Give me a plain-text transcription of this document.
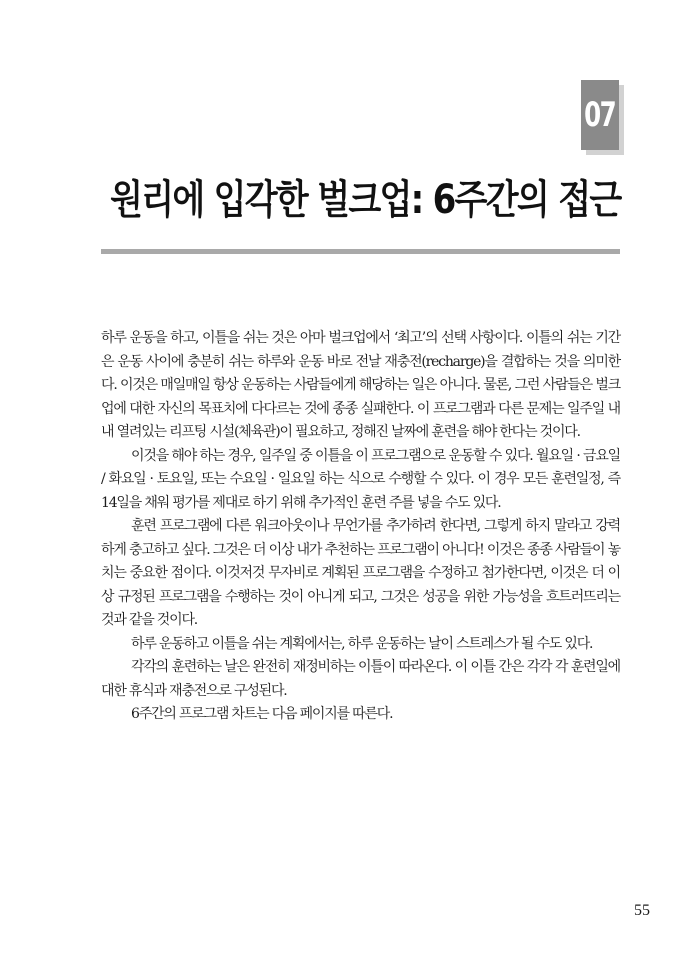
07
원리에 입각한 벌크업: 6주간의 접근

하루 운동을 하고, 이틀을 쉬는 것은 아마 벌크업에서 ‘최고’의 선택 사항이다. 이틀의 쉬는 기간은 운동 사이에 충분히 쉬는 하루와 운동 바로 전날 재충전(recharge)을 결합하는 것을 의미한다. 이것은 매일매일 항상 운동하는 사람들에게 해당하는 일은 아니다. 물론, 그런 사람들은 벌크업에 대한 자신의 목표치에 다다르는 것에 종종 실패한다. 이 프로그램과 다른 문제는 일주일 내내 열려있는 리프팅 시설(체육관)이 필요하고, 정해진 날짜에 훈련을 해야 한다는 것이다.

이것을 해야 하는 경우, 일주일 중 이틀을 이 프로그램으로 운동할 수 있다. 월요일 · 금요일 / 화요일 · 토요일, 또는 수요일 · 일요일 하는 식으로 수행할 수 있다. 이 경우 모든 훈련일정, 즉 14일을 채워 평가를 제대로 하기 위해 추가적인 훈련 주를 넣을 수도 있다.

훈련 프로그램에 다른 워크아웃이나 무언가를 추가하려 한다면, 그렇게 하지 말라고 강력하게 충고하고 싶다. 그것은 더 이상 내가 추천하는 프로그램이 아니다! 이것은 종종 사람들이 놓치는 중요한 점이다. 이것저것 무자비로 계획된 프로그램을 수정하고 첨가한다면, 이것은 더 이상 규정된 프로그램을 수행하는 것이 아니게 되고, 그것은 성공을 위한 가능성을 흐트러뜨리는 것과 같을 것이다.

하루 운동하고 이틀을 쉬는 계획에서는, 하루 운동하는 날이 스트레스가 될 수도 있다.

각각의 훈련하는 날은 완전히 재정비하는 이틀이 따라온다. 이 이틀 간은 각각 각 훈련일에 대한 휴식과 재충전으로 구성된다.

6주간의 프로그램 차트는 다음 페이지를 따른다.

55
